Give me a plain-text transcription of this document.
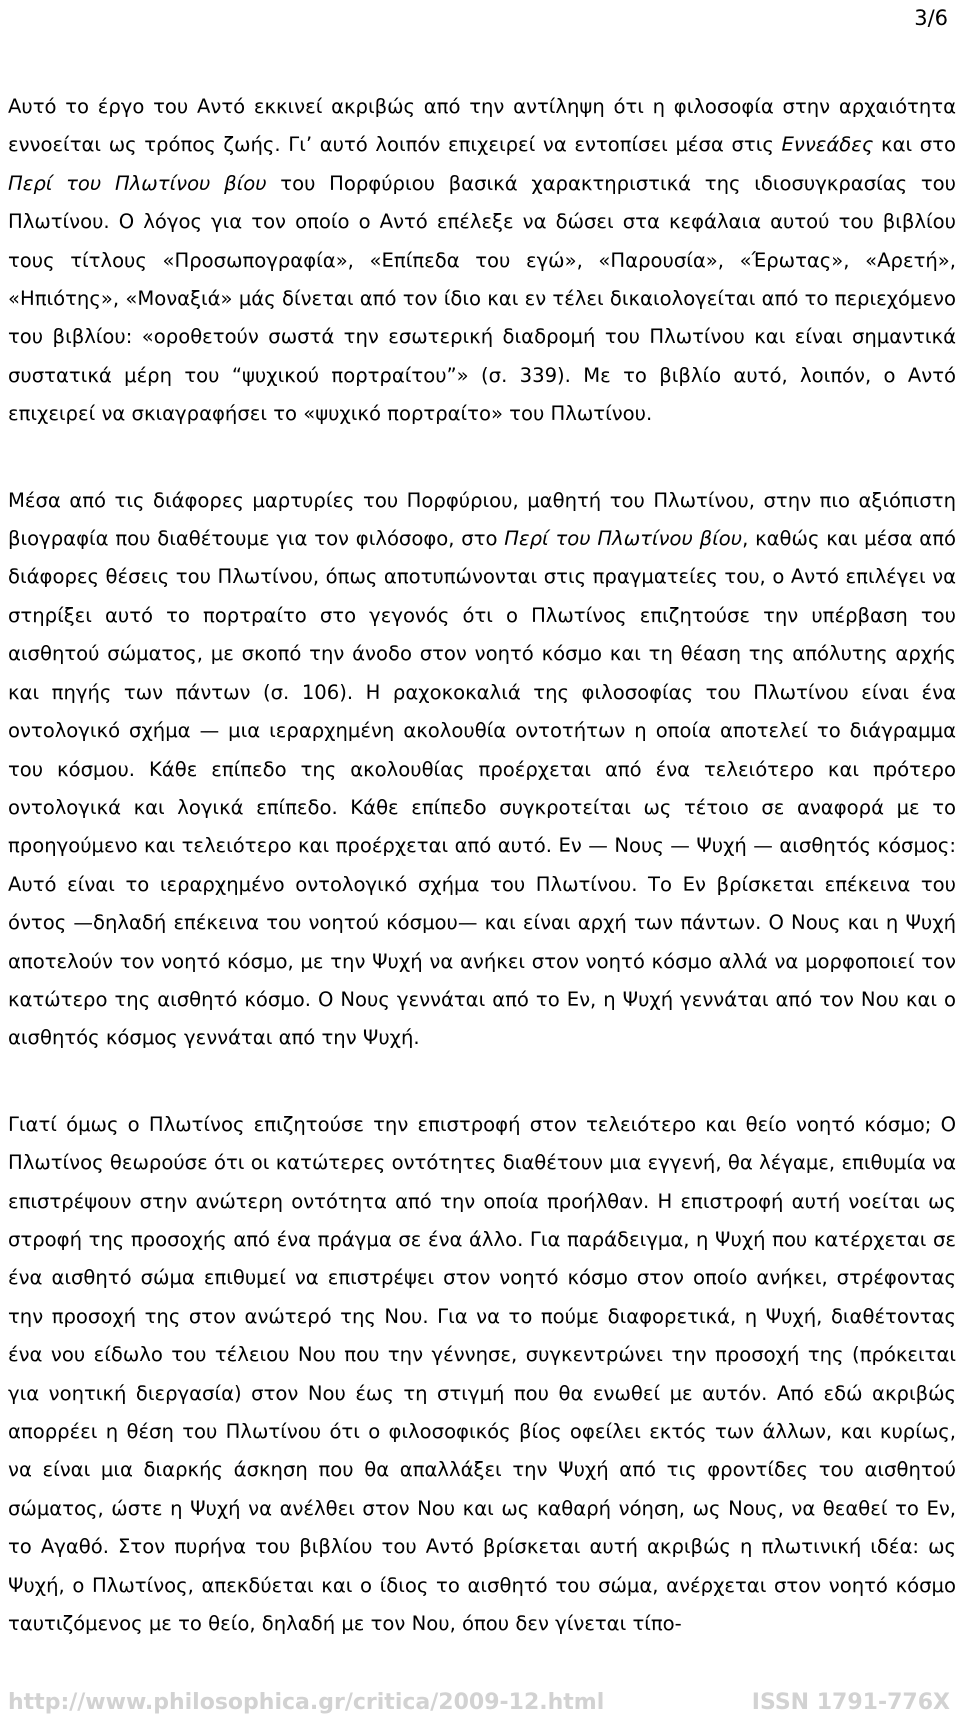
3/6

Αυτό το έργο του Αντό εκκινεί ακριβώς από την αντίληψη ότι η φιλοσοφία στην αρχαιότητα εννοείται ως τρόπος ζωής. Γι’ αυτό λοιπόν επιχειρεί να εντοπίσει μέσα στις Εννεάδες και στο Περί του Πλωτίνου βίου του Πορφύριου βασικά χαρακτηριστικά της ιδιοσυγκρασίας του Πλωτίνου. Ο λόγος για τον οποίο ο Αντό επέλεξε να δώσει στα κεφάλαια αυτού του βιβλίου τους τίτλους «Προσωπογραφία», «Επίπεδα του εγώ», «Παρουσία», «Έρωτας», «Αρετή», «Ηπιότης», «Μοναξιά» μάς δίνεται από τον ίδιο και εν τέλει δικαιολογείται από το περιεχόμενο του βιβλίου: «οροθετούν σωστά την εσωτερική διαδρομή του Πλωτίνου και είναι σημαντικά συστατικά μέρη του “ψυχικού πορτραίτου”» (σ. 339). Με το βιβλίο αυτό, λοιπόν, ο Αντό επιχειρεί να σκιαγραφήσει το «ψυχικό πορτραίτο» του Πλωτίνου.

Μέσα από τις διάφορες μαρτυρίες του Πορφύριου, μαθητή του Πλωτίνου, στην πιο αξιόπιστη βιογραφία που διαθέτουμε για τον φιλόσοφο, στο Περί του Πλωτίνου βίου, καθώς και μέσα από διάφορες θέσεις του Πλωτίνου, όπως αποτυπώνονται στις πραγματείες του, ο Αντό επιλέγει να στηρίξει αυτό το πορτραίτο στο γεγονός ότι ο Πλωτίνος επιζητούσε την υπέρβαση του αισθητού σώματος, με σκοπό την άνοδο στον νοητό κόσμο και τη θέαση της απόλυτης αρχής και πηγής των πάντων (σ. 106). Η ραχοκοκαλιά της φιλοσοφίας του Πλωτίνου είναι ένα οντολογικό σχήμα — μια ιεραρχημένη ακολουθία οντοτήτων η οποία αποτελεί το διάγραμμα του κόσμου. Κάθε επίπεδο της ακολουθίας προέρχεται από ένα τελειότερο και πρότερο οντολογικά και λογικά επίπεδο. Κάθε επίπεδο συγκροτείται ως τέτοιο σε αναφορά με το προηγούμενο και τελειότερο και προέρχεται από αυτό. Εν — Νους — Ψυχή — αισθητός κόσμος: Αυτό είναι το ιεραρχημένο οντολογικό σχήμα του Πλωτίνου. Το Εν βρίσκεται επέκεινα του όντος —δηλαδή επέκεινα του νοητού κόσμου— και είναι αρχή των πάντων. Ο Νους και η Ψυχή αποτελούν τον νοητό κόσμο, με την Ψυχή να ανήκει στον νοητό κόσμο αλλά να μορφοποιεί τον κατώτερο της αισθητό κόσμο. Ο Νους γεννάται από το Εν, η Ψυχή γεννάται από τον Νου και ο αισθητός κόσμος γεννάται από την Ψυχή.

Γιατί όμως ο Πλωτίνος επιζητούσε την επιστροφή στον τελειότερο και θείο νοητό κόσμο; Ο Πλωτίνος θεωρούσε ότι οι κατώτερες οντότητες διαθέτουν μια εγγενή, θα λέγαμε, επιθυμία να επιστρέψουν στην ανώτερη οντότητα από την οποία προήλθαν. Η επιστροφή αυτή νοείται ως στροφή της προσοχής από ένα πράγμα σε ένα άλλο. Για παράδειγμα, η Ψυχή που κατέρχεται σε ένα αισθητό σώμα επιθυμεί να επιστρέψει στον νοητό κόσμο στον οποίο ανήκει, στρέφοντας την προσοχή της στον ανώτερό της Νου. Για να το πούμε διαφορετικά, η Ψυχή, διαθέτοντας ένα νου είδωλο του τέλειου Νου που την γέννησε, συγκεντρώνει την προσοχή της (πρόκειται για νοητική διεργασία) στον Νου έως τη στιγμή που θα ενωθεί με αυτόν. Από εδώ ακριβώς απορρέει η θέση του Πλωτίνου ότι ο φιλοσοφικός βίος οφείλει εκτός των άλλων, και κυρίως, να είναι μια διαρκής άσκηση που θα απαλλάξει την Ψυχή από τις φροντίδες του αισθητού σώματος, ώστε η Ψυχή να ανέλθει στον Νου και ως καθαρή νόηση, ως Νους, να θεαθεί το Εν, το Αγαθό. Στον πυρήνα του βιβλίου του Αντό βρίσκεται αυτή ακριβώς η πλωτινική ιδέα: ως Ψυχή, ο Πλωτίνος, απεκδύεται και ο ίδιος το αισθητό του σώμα, ανέρχεται στον νοητό κόσμο ταυτιζόμενος με το θείο, δηλαδή με τον Νου, όπου δεν γίνεται τίπο-

http://www.philosophica.gr/critica/2009-12.html	ISSN 1791-776X
